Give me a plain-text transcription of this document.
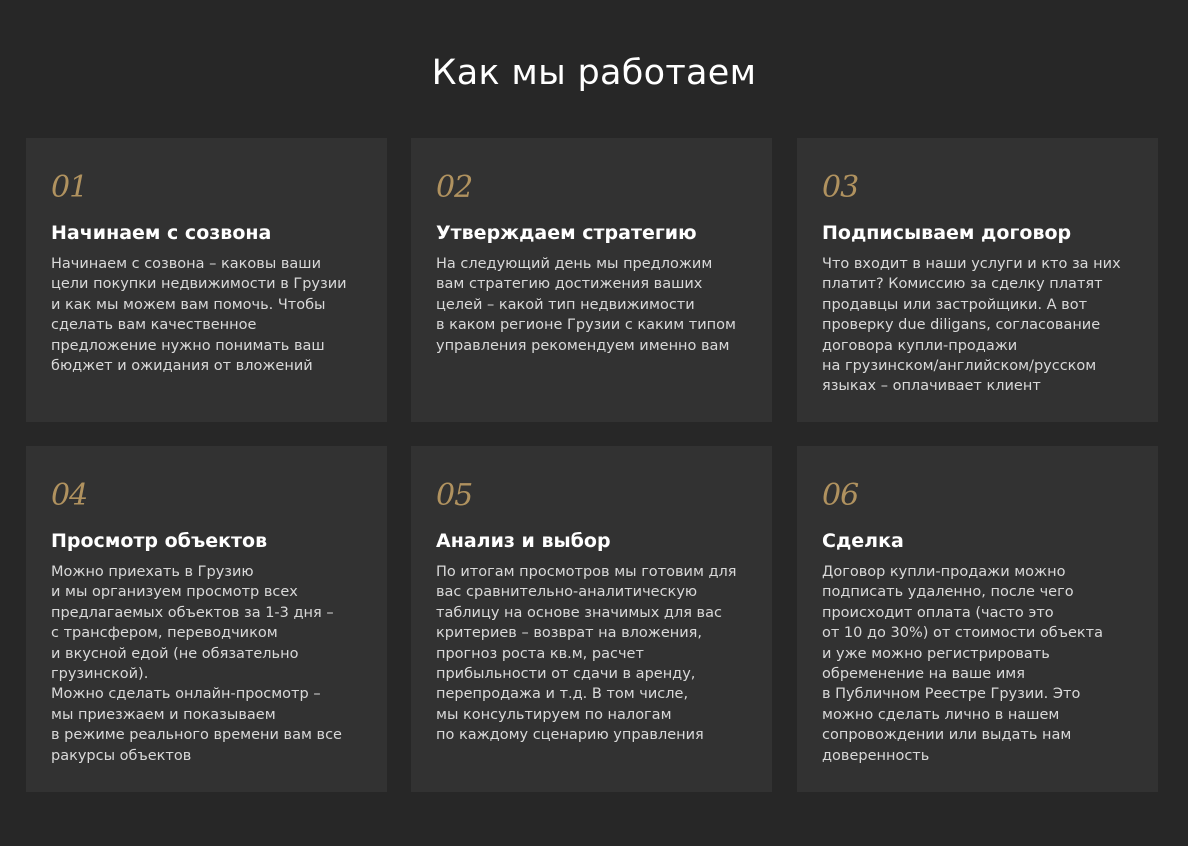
Как мы работаем
01
Начинаем с созвона
Начинаем с созвона – каковы ваши
цели покупки недвижимости в Грузии
и как мы можем вам помочь. Чтобы
сделать вам качественное
предложение нужно понимать ваш
бюджет и ожидания от вложений
02
Утверждаем стратегию
На следующий день мы предложим
вам стратегию достижения ваших
целей – какой тип недвижимости
в каком регионе Грузии с каким типом
управления рекомендуем именно вам
03
Подписываем договор
Что входит в наши услуги и кто за них
платит? Комиссию за сделку платят
продавцы или застройщики. А вот
проверку due diligans, согласование
договора купли-продажи
на грузинском/английском/русском
языках – оплачивает клиент
04
Просмотр объектов
Можно приехать в Грузию
и мы организуем просмотр всех
предлагаемых объектов за 1-3 дня –
с трансфером, переводчиком
и вкусной едой (не обязательно
грузинской).
Можно сделать онлайн-просмотр –
мы приезжаем и показываем
в режиме реального времени вам все
ракурсы объектов
05
Анализ и выбор
По итогам просмотров мы готовим для
вас сравнительно-аналитическую
таблицу на основе значимых для вас
критериев – возврат на вложения,
прогноз роста кв.м, расчет
прибыльности от сдачи в аренду,
перепродажа и т.д. В том числе,
мы консультируем по налогам
по каждому сценарию управления
06
Сделка
Договор купли-продажи можно
подписать удаленно, после чего
происходит оплата (часто это
от 10 до 30%) от стоимости объекта
и уже можно регистрировать
обременение на ваше имя
в Публичном Реестре Грузии. Это
можно сделать лично в нашем
сопровождении или выдать нам
доверенность
